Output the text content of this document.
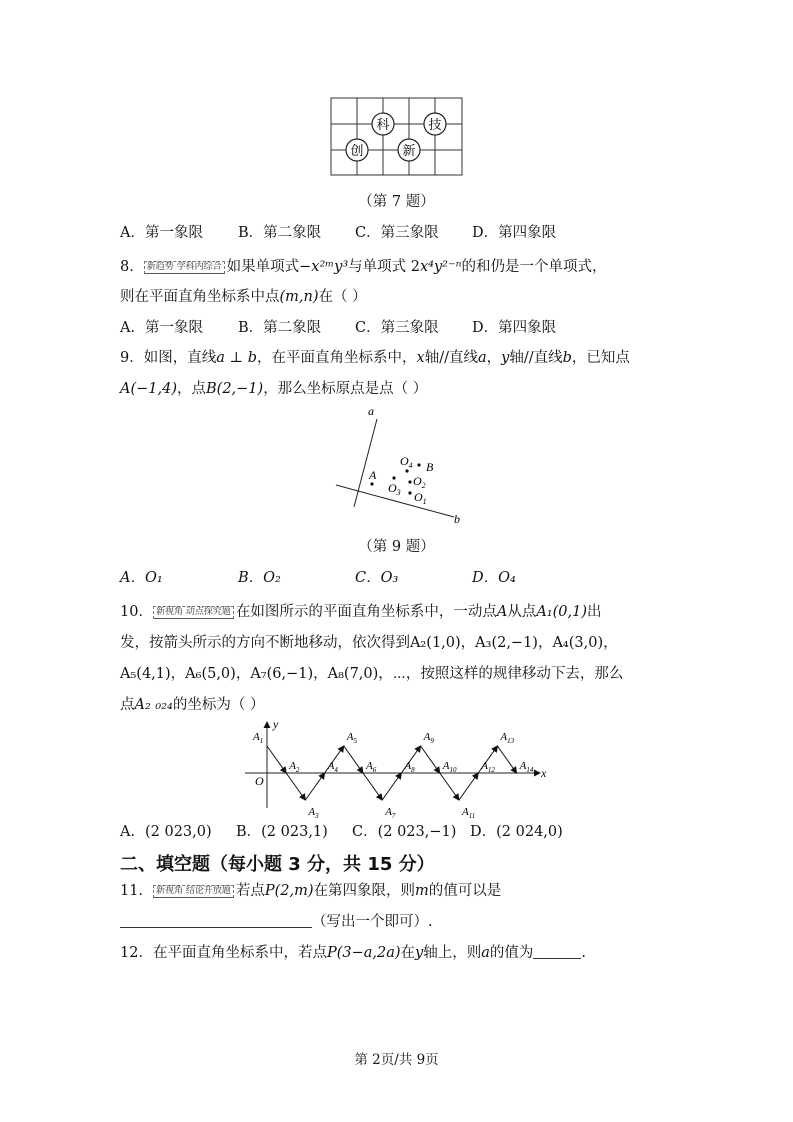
科	技
创	新
（第 7 题）
A．第一象限 B．第二象限 C．第三象限 D．第四象限
8． 新趋势 学科内综合 如果单项式−x²ᵐy³与单项式 2x⁴y²⁻ⁿ的和仍是一个单项式，
则在平面直角坐标系中点(m,n)在（ ）
A．第一象限 B．第二象限 C．第三象限 D．第四象限
9．如图，直线a ⊥ b，在平面直角坐标系中，x轴//直线a，y轴//直线b，已知点
A(−1,4)，点B(2,−1)，那么坐标原点是点（ ）
a
b
A
B
$O_4$
$O_2$
$O_3$ $O_1$
（第 9 题）
A．O₁	B．O₂	C．O₃	D．O₄
10． 新视角 动点探究题 在如图所示的平面直角坐标系中，一动点A从点A₁(0,1)出
发，按箭头所示的方向不断地移动，依次得到A₂(1,0)，A₃(2,−1)，A₄(3,0)，
A₅(4,1)，A₆(5,0)，A₇(6,−1)，A₈(7,0)，⋯，按照这样的规律移动下去，那么
点A₂ ₀₂₄的坐标为（ ）
x
y
O
$A_1$
$A_2$
$A_3$
$A_4$
$A_5$
$A_6$
$A_7$
$A_8$
$A_9$
$A_{10}$
$A_{11}$
$A_{12}$
$A_{13}$
$A_{14}$
A．(2 023,0) B．(2 023,1) C．(2 023,−1) D．(2 024,0)
二、填空题（每小题 3 分，共 15 分）
11． 新视角 结论开放题 若点P(2,m)在第四象限，则m的值可以是
（写出一个即可）.
12．在平面直角坐标系中，若点P(3−a,2a)在y轴上，则a的值为	.
第 2页/共 9页
